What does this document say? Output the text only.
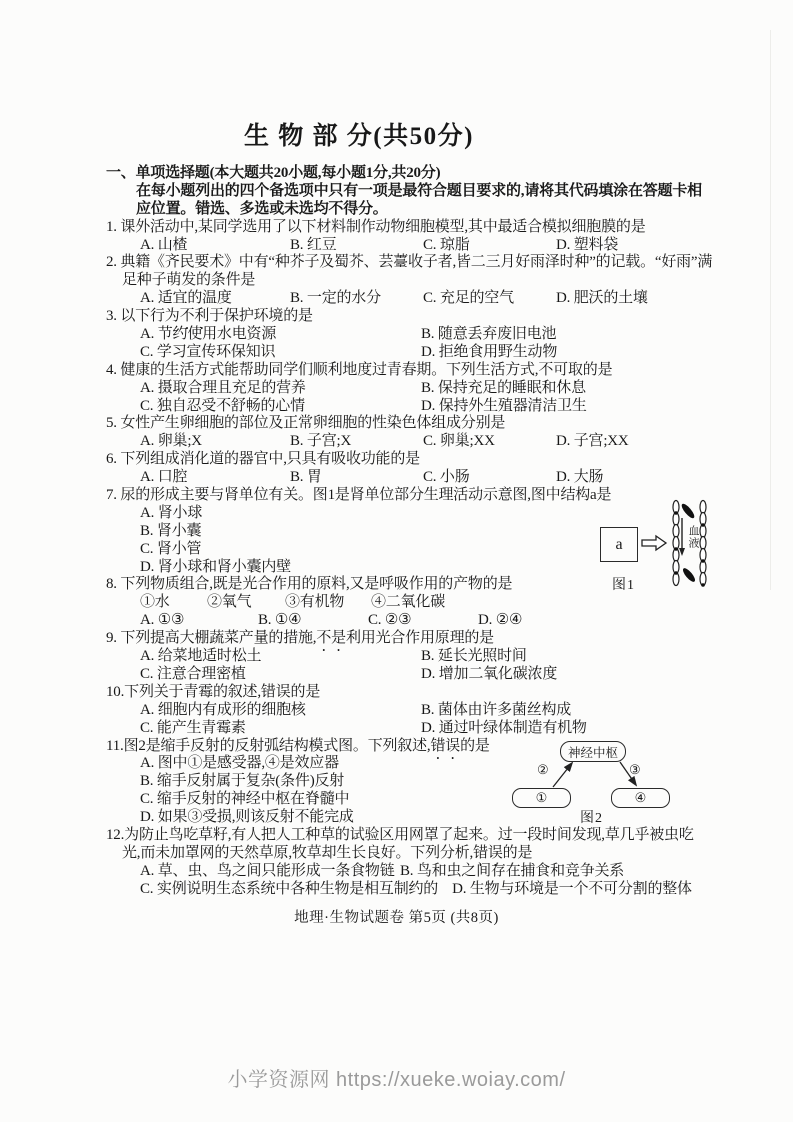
生 物 部 分(共50分)
一、单项选择题(本大题共20小题,每小题1分,共20分)
在每小题列出的四个备选项中只有一项是最符合题目要求的,请将其代码填涂在答题卡相
应位置。错选、多选或未选均不得分。
1. 课外活动中,某同学选用了以下材料制作动物细胞模型,其中最适合模拟细胞膜的是
A. 山楂	B. 红豆	C. 琼脂	D. 塑料袋
2. 典籍《齐民要术》中有“种芥子及蜀芥、芸薹收子者,皆二三月好雨泽时种”的记载。“好雨”满
足种子萌发的条件是
A. 适宜的温度	B. 一定的水分	C. 充足的空气	D. 肥沃的土壤
3. 以下行为不利于保护环境的是
A. 节约使用水电资源	B. 随意丢弃废旧电池
C. 学习宣传环保知识	D. 拒绝食用野生动物
4. 健康的生活方式能帮助同学们顺利地度过青春期。下列生活方式,不可取的是
A. 摄取合理且充足的营养	B. 保持充足的睡眠和休息
C. 独自忍受不舒畅的心情	D. 保持外生殖器清洁卫生
5. 女性产生卵细胞的部位及正常卵细胞的性染色体组成分别是
A. 卵巢;X	B. 子宫;X	C. 卵巢;XX	D. 子宫;XX
6. 下列组成消化道的器官中,只具有吸收功能的是
A. 口腔	B. 胃	C. 小肠	D. 大肠
7. 尿的形成主要与肾单位有关。图1是肾单位部分生理活动示意图,图中结构a是
A. 肾小球
B. 肾小囊
C. 肾小管
D. 肾小球和肾小囊内壁
8. 下列物质组合,既是光合作用的原料,又是呼吸作用的产物的是
①水	②氧气	③有机物	④二氧化碳
A. ①③	B. ①④	C. ②③	D. ②④
9. 下列提高大棚蔬菜产量的措施,不是利用光合作用原理的是
A. 给菜地适时松土	B. 延长光照时间
C. 注意合理密植	D. 增加二氧化碳浓度
10.下列关于青霉的叙述,错误的是
A. 细胞内有成形的细胞核	B. 菌体由许多菌丝构成
C. 能产生青霉素	D. 通过叶绿体制造有机物
11.图2是缩手反射的反射弧结构模式图。下列叙述,错误的是
A. 图中①是感受器,④是效应器
B. 缩手反射属于复杂(条件)反射
C. 缩手反射的神经中枢在脊髓中
D. 如果③受损,则该反射不能完成
12.为防止鸟吃草籽,有人把人工种草的试验区用网罩了起来。过一段时间发现,草几乎被虫吃
光,而未加罩网的天然草原,牧草却生长良好。下列分析,错误的是
A. 草、虫、鸟之间只能形成一条食物链 B. 鸟和虫之间存在捕食和竞争关系
C. 实例说明生态系统中各种生物是相互制约的 D. 生物与环境是一个不可分割的整体
a	血液
图1
神经中枢
①	④
②	③
图2
地理·生物试题卷 第5页 (共8页)
小学资源网 https://xueke.woiay.com/
